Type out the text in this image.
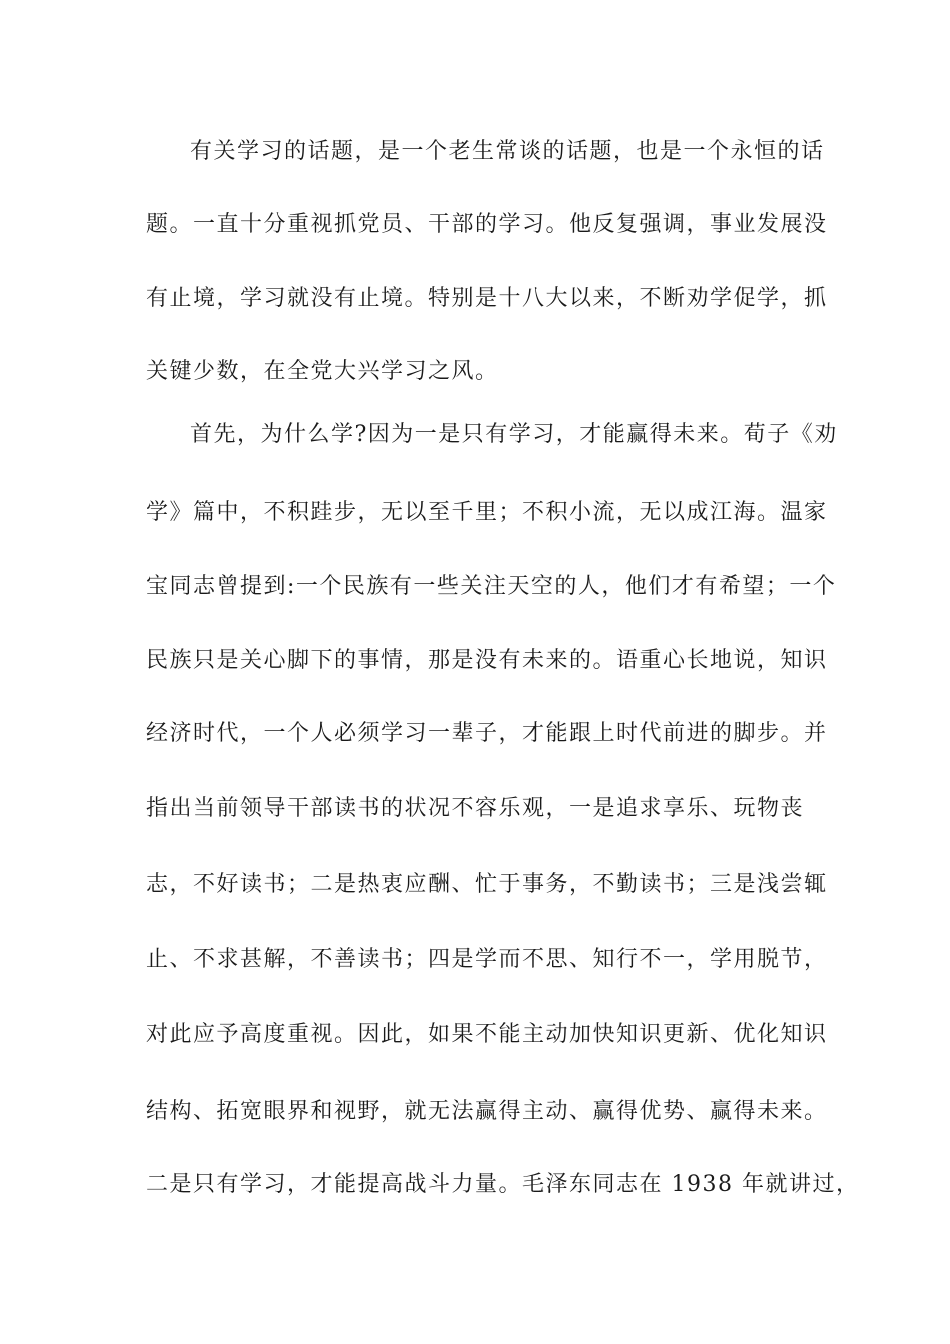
有关学习的话题，是一个老生常谈的话题，也是一个永恒的话
题。一直十分重视抓党员、干部的学习。他反复强调，事业发展没
有止境，学习就没有止境。特别是十八大以来，不断劝学促学，抓
关键少数，在全党大兴学习之风。
首先，为什么学?因为一是只有学习，才能赢得未来。荀子《劝
学》篇中，不积跬步，无以至千里；不积小流，无以成江海。温家
宝同志曾提到:一个民族有一些关注天空的人，他们才有希望；一个
民族只是关心脚下的事情，那是没有未来的。语重心长地说，知识
经济时代，一个人必须学习一辈子，才能跟上时代前进的脚步。并
指出当前领导干部读书的状况不容乐观，一是追求享乐、玩物丧
志，不好读书；二是热衷应酬、忙于事务，不勤读书；三是浅尝辄
止、不求甚解，不善读书；四是学而不思、知行不一，学用脱节，
对此应予高度重视。因此，如果不能主动加快知识更新、优化知识
结构、拓宽眼界和视野，就无法赢得主动、赢得优势、赢得未来。
二是只有学习，才能提高战斗力量。毛泽东同志在 1938 年就讲过，
